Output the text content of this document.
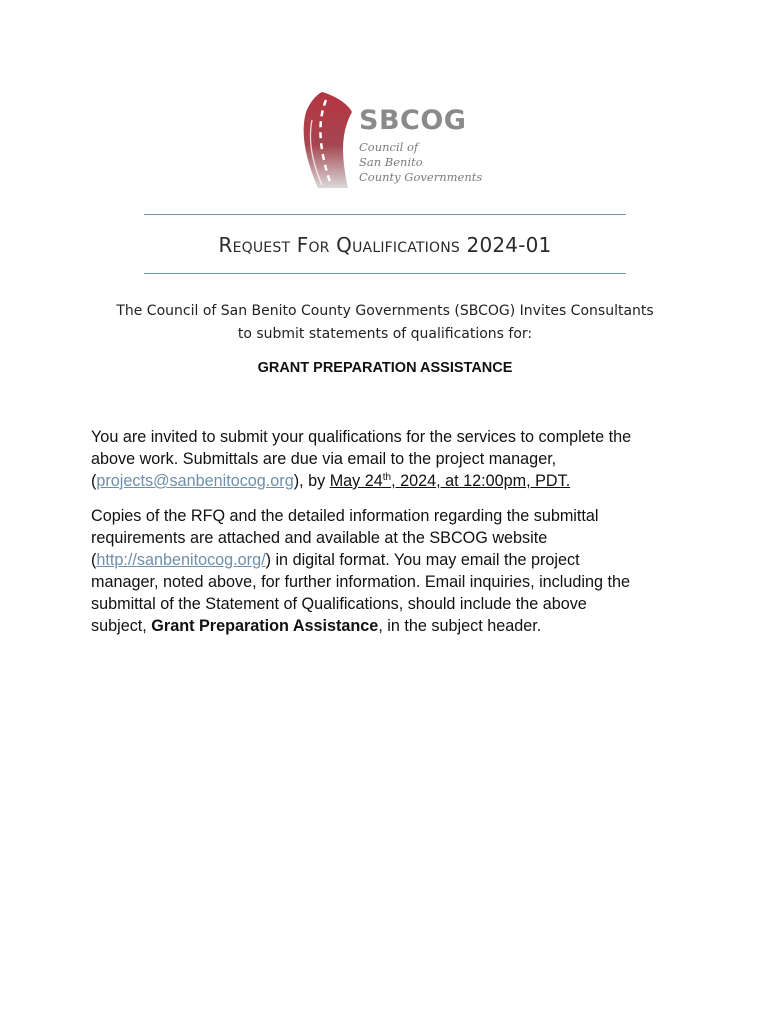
SBCOG
Council of
San Benito
County Governments
Request For Qualifications 2024-01
The Council of San Benito County Governments (SBCOG) Invites Consultants
to submit statements of qualifications for:
GRANT PREPARATION ASSISTANCE
You are invited to submit your qualifications for the services to complete the
above work. Submittals are due via email to the project manager,
(projects@sanbenitocog.org), by May 24th, 2024, at 12:00pm, PDT.
Copies of the RFQ and the detailed information regarding the submittal
requirements are attached and available at the SBCOG website
(http://sanbenitocog.org/) in digital format. You may email the project
manager, noted above, for further information. Email inquiries, including the
submittal of the Statement of Qualifications, should include the above
subject, Grant Preparation Assistance, in the subject header.
